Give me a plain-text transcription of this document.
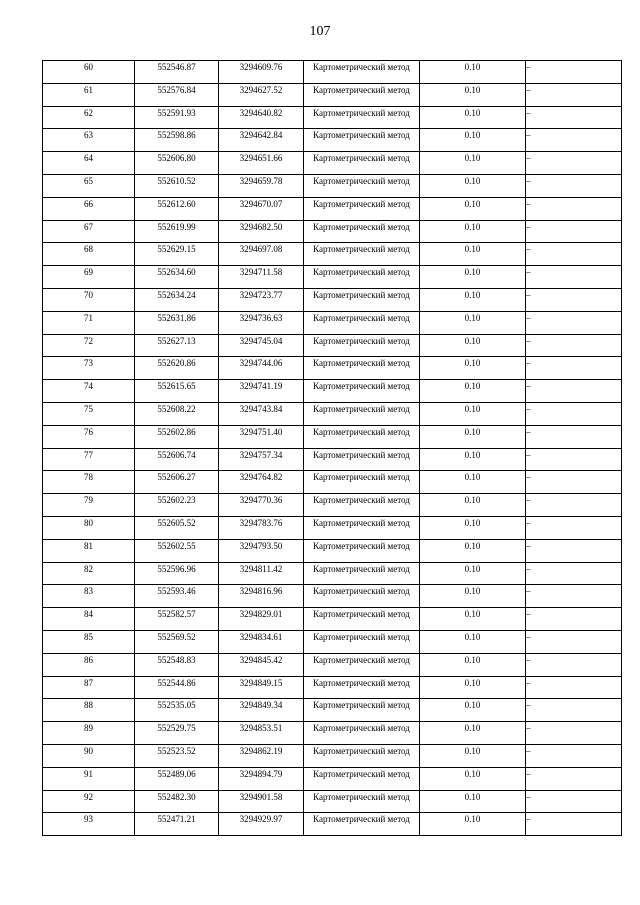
107
60	552546.87	3294609.76	Картометрический метод	0.10	–

61	552576.84	3294627.52	Картометрический метод	0.10	–

62	552591.93	3294640.82	Картометрический метод	0.10	–

63	552598.86	3294642.84	Картометрический метод	0.10	–

64	552606.80	3294651.66	Картометрический метод	0.10	–

65	552610.52	3294659.78	Картометрический метод	0.10	–

66	552612.60	3294670.07	Картометрический метод	0.10	–

67	552619.99	3294682.50	Картометрический метод	0.10	–

68	552629.15	3294697.08	Картометрический метод	0.10	–

69	552634.60	3294711.58	Картометрический метод	0.10	–

70	552634.24	3294723.77	Картометрический метод	0.10	–

71	552631.86	3294736.63	Картометрический метод	0.10	–

72	552627.13	3294745.04	Картометрический метод	0.10	–

73	552620.86	3294744.06	Картометрический метод	0.10	–

74	552615.65	3294741.19	Картометрический метод	0.10	–

75	552608.22	3294743.84	Картометрический метод	0.10	–

76	552602.86	3294751.40	Картометрический метод	0.10	–

77	552606.74	3294757.34	Картометрический метод	0.10	–

78	552606.27	3294764.82	Картометрический метод	0.10	–

79	552602.23	3294770.36	Картометрический метод	0.10	–

80	552605.52	3294783.76	Картометрический метод	0.10	–

81	552602.55	3294793.50	Картометрический метод	0.10	–

82	552596.96	3294811.42	Картометрический метод	0.10	–

83	552593.46	3294816.96	Картометрический метод	0.10	–

84	552582.57	3294829.01	Картометрический метод	0.10	–

85	552569.52	3294834.61	Картометрический метод	0.10	–

86	552548.83	3294845.42	Картометрический метод	0.10	–

87	552544.86	3294849.15	Картометрический метод	0.10	–

88	552535.05	3294849.34	Картометрический метод	0.10	–

89	552529.75	3294853.51	Картометрический метод	0.10	–

90	552523.52	3294862.19	Картометрический метод	0.10	–

91	552489.06	3294894.79	Картометрический метод	0.10	–

92	552482.30	3294901.58	Картометрический метод	0.10	–

93	552471.21	3294929.97	Картометрический метод	0.10	–
